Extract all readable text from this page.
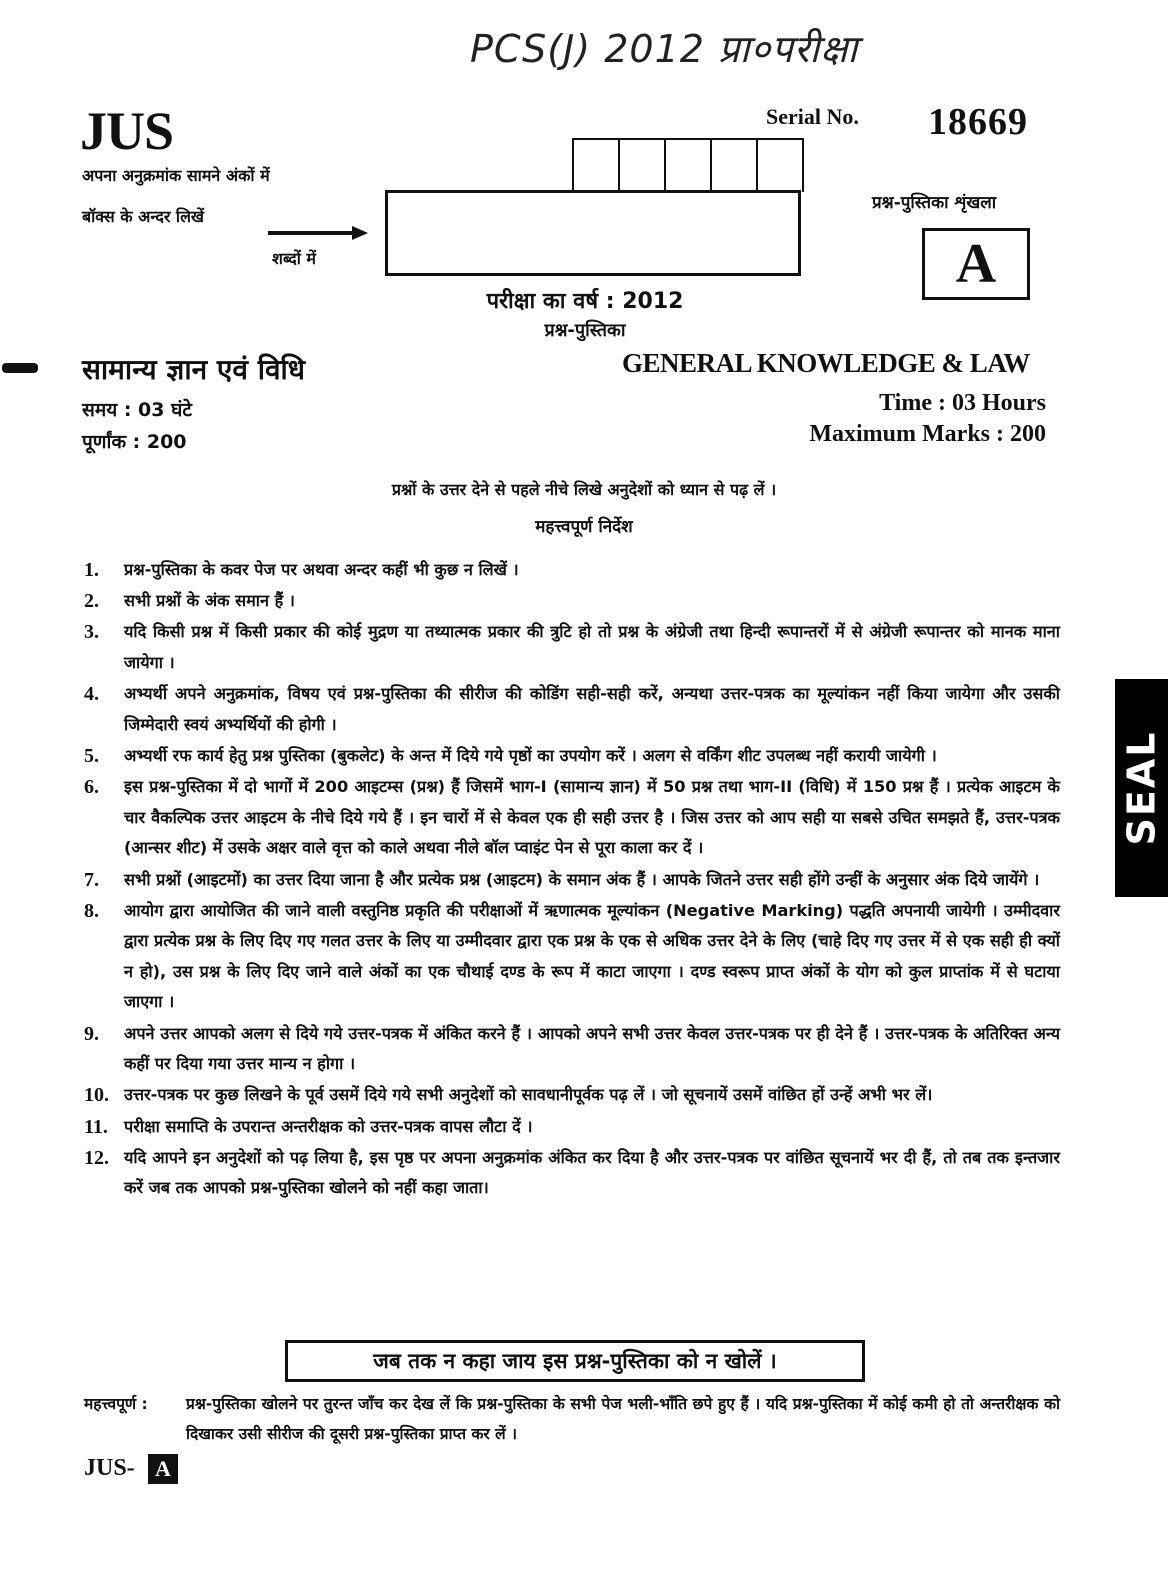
PCS(J) 2012 प्रा०परीक्षा
JUS	Serial No. 18669
अपना अनुक्रमांक सामने अंकों में
बॉक्स के अन्दर लिखें
शब्दों में
प्रश्न-पुस्तिका शृंखला
A
परीक्षा का वर्ष : 2012
प्रश्न-पुस्तिका
सामान्य ज्ञान एवं विधि	GENERAL KNOWLEDGE & LAW
समय : 03 घंटे
पूर्णांक : 200
Time : 03 Hours
Maximum Marks : 200
प्रश्नों के उत्तर देने से पहले नीचे लिखे अनुदेशों को ध्यान से पढ़ लें ।
महत्त्वपूर्ण निर्देश
1.	प्रश्न-पुस्तिका के कवर पेज पर अथवा अन्दर कहीं भी कुछ न लिखें ।
2.	सभी प्रश्नों के अंक समान हैं ।
3.	यदि किसी प्रश्न में किसी प्रकार की कोई मुद्रण या तथ्यात्मक प्रकार की त्रुटि हो तो प्रश्न के अंग्रेजी तथा हिन्दी रूपान्तरों में से अंग्रेजी रूपान्तर को मानक माना जायेगा ।
4.	अभ्यर्थी अपने अनुक्रमांक, विषय एवं प्रश्न-पुस्तिका की सीरीज की कोडिंग सही-सही करें, अन्यथा उत्तर-पत्रक का मूल्यांकन नहीं किया जायेगा और उसकी जिम्मेदारी स्वयं अभ्यर्थियों की होगी ।
5.	अभ्यर्थी रफ कार्य हेतु प्रश्न पुस्तिका (बुकलेट) के अन्त में दिये गये पृष्ठों का उपयोग करें । अलग से वर्किंग शीट उपलब्ध नहीं करायी जायेगी ।
6.	इस प्रश्न-पुस्तिका में दो भागों में 200 आइटम्स (प्रश्न) हैं जिसमें भाग-I (सामान्य ज्ञान) में 50 प्रश्न तथा भाग-II (विधि) में 150 प्रश्न हैं । प्रत्येक आइटम के चार वैकल्पिक उत्तर आइटम के नीचे दिये गये हैं । इन चारों में से केवल एक ही सही उत्तर है । जिस उत्तर को आप सही या सबसे उचित समझते हैं, उत्तर-पत्रक (आन्सर शीट) में उसके अक्षर वाले वृत्त को काले अथवा नीले बॉल प्वाइंट पेन से पूरा काला कर दें ।
7.	सभी प्रश्नों (आइटमों) का उत्तर दिया जाना है और प्रत्येक प्रश्न (आइटम) के समान अंक हैं । आपके जितने उत्तर सही होंगे उन्हीं के अनुसार अंक दिये जायेंगे ।
8.	आयोग द्वारा आयोजित की जाने वाली वस्तुनिष्ठ प्रकृति की परीक्षाओं में ऋणात्मक मूल्यांकन (Negative Marking) पद्धति अपनायी जायेगी । उम्मीदवार द्वारा प्रत्येक प्रश्न के लिए दिए गए गलत उत्तर के लिए या उम्मीदवार द्वारा एक प्रश्न के एक से अधिक उत्तर देने के लिए (चाहे दिए गए उत्तर में से एक सही ही क्यों न हो), उस प्रश्न के लिए दिए जाने वाले अंकों का एक चौथाई दण्ड के रूप में काटा जाएगा । दण्ड स्वरूप प्राप्त अंकों के योग को कुल प्राप्तांक में से घटाया जाएगा ।
9.	अपने उत्तर आपको अलग से दिये गये उत्तर-पत्रक में अंकित करने हैं । आपको अपने सभी उत्तर केवल उत्तर-पत्रक पर ही देने हैं । उत्तर-पत्रक के अतिरिक्त अन्य कहीं पर दिया गया उत्तर मान्य न होगा ।
10. उत्तर-पत्रक पर कुछ लिखने के पूर्व उसमें दिये गये सभी अनुदेशों को सावधानीपूर्वक पढ़ लें । जो सूचनायें उसमें वांछित हों उन्हें अभी भर लें।
11. परीक्षा समाप्ति के उपरान्त अन्तरीक्षक को उत्तर-पत्रक वापस लौटा दें ।
12. यदि आपने इन अनुदेशों को पढ़ लिया है, इस पृष्ठ पर अपना अनुक्रमांक अंकित कर दिया है और उत्तर-पत्रक पर वांछित सूचनायें भर दी हैं, तो तब तक इन्तजार करें जब तक आपको प्रश्न-पुस्तिका खोलने को नहीं कहा जाता।
जब तक न कहा जाय इस प्रश्न-पुस्तिका को न खोलें ।
महत्त्वपूर्ण : प्रश्न-पुस्तिका खोलने पर तुरन्त जाँच कर देख लें कि प्रश्न-पुस्तिका के सभी पेज भली-भाँति छपे हुए हैं । यदि प्रश्न-पुस्तिका में कोई कमी हो तो अन्तरीक्षक को दिखाकर उसी सीरीज की दूसरी प्रश्न-पुस्तिका प्राप्त कर लें ।
JUS- A
SEAL
